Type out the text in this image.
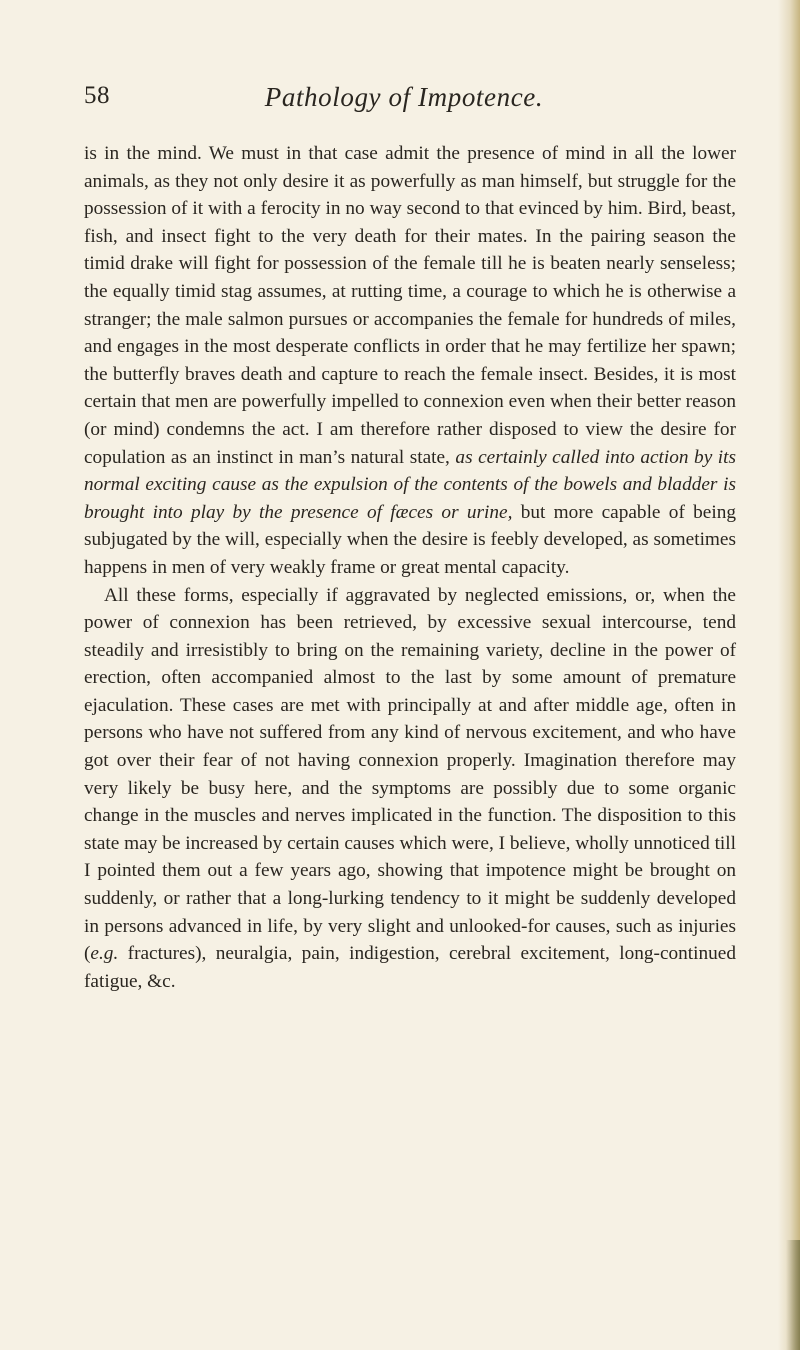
58	Pathology of Impotence.

is in the mind. We must in that case admit the presence of mind in all the lower animals, as they not only desire it as powerfully as man himself, but struggle for the possession of it with a ferocity in no way second to that evinced by him. Bird, beast, fish, and insect fight to the very death for their mates. In the pairing season the timid drake will fight for possession of the female till he is beaten nearly senseless; the equally timid stag assumes, at rutting time, a courage to which he is otherwise a stranger; the male salmon pursues or accompanies the female for hundreds of miles, and engages in the most desperate conflicts in order that he may fertilize her spawn; the butterfly braves death and capture to reach the female insect. Besides, it is most certain that men are powerfully impelled to connexion even when their better reason (or mind) condemns the act. I am therefore rather disposed to view the desire for copulation as an instinct in man’s natural state, as certainly called into action by its normal exciting cause as the expulsion of the contents of the bowels and bladder is brought into play by the presence of fæces or urine, but more capable of being subjugated by the will, especially when the desire is feebly developed, as sometimes happens in men of very weakly frame or great mental capacity.

All these forms, especially if aggravated by neglected emissions, or, when the power of connexion has been retrieved, by excessive sexual intercourse, tend steadily and irresistibly to bring on the remaining variety, decline in the power of erection, often accompanied almost to the last by some amount of premature ejaculation. These cases are met with principally at and after middle age, often in persons who have not suffered from any kind of nervous excitement, and who have got over their fear of not having connexion properly. Imagination therefore may very likely be busy here, and the symptoms are possibly due to some organic change in the muscles and nerves implicated in the function. The disposition to this state may be increased by certain causes which were, I believe, wholly unnoticed till I pointed them out a few years ago, showing that impotence might be brought on suddenly, or rather that a long-lurking tendency to it might be suddenly developed in persons advanced in life, by very slight and unlooked-for causes, such as injuries (e.g. fractures), neuralgia, pain, indigestion, cerebral excitement, long-continued fatigue, &c.
